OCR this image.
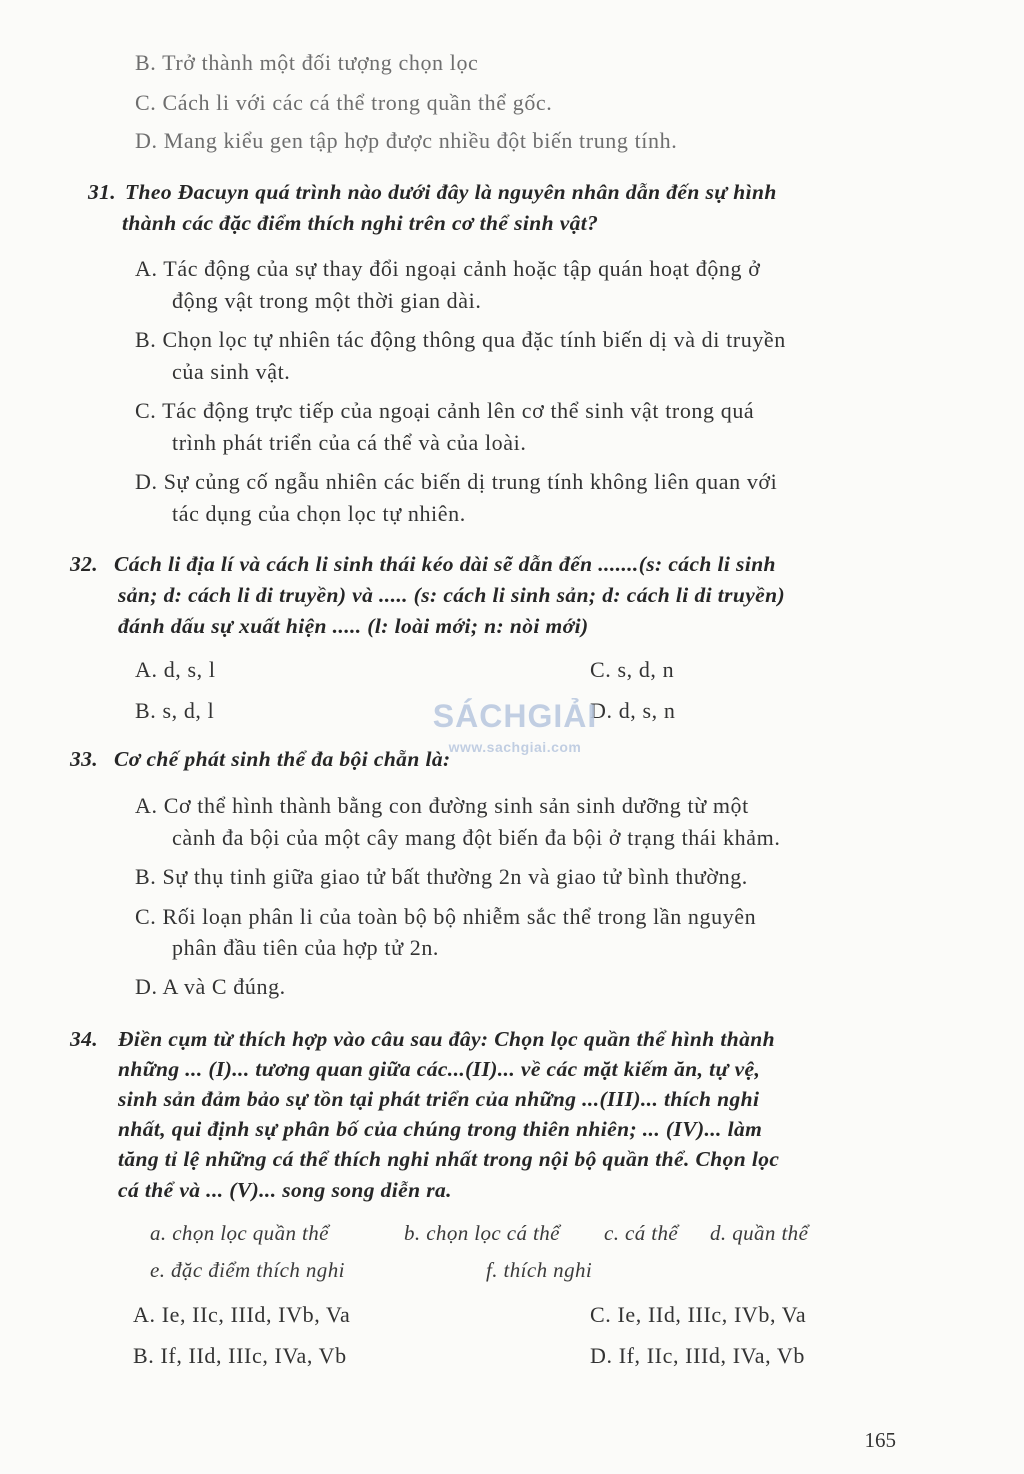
B. Trở thành một đối tượng chọn lọc
C. Cách li với các cá thể trong quần thể gốc.
D. Mang kiểu gen tập hợp được nhiều đột biến trung tính.
31. Theo Đacuyn quá trình nào dưới đây là nguyên nhân dẫn đến sự hình
thành các đặc điểm thích nghi trên cơ thể sinh vật?
A. Tác động của sự thay đổi ngoại cảnh hoặc tập quán hoạt động ở
động vật trong một thời gian dài.
B. Chọn lọc tự nhiên tác động thông qua đặc tính biến dị và di truyền
của sinh vật.
C. Tác động trực tiếp của ngoại cảnh lên cơ thể sinh vật trong quá
trình phát triển của cá thể và của loài.
D. Sự củng cố ngẫu nhiên các biến dị trung tính không liên quan với
tác dụng của chọn lọc tự nhiên.
32. Cách li địa lí và cách li sinh thái kéo dài sẽ dẫn đến .......(s: cách li sinh
sản; d: cách li di truyền) và ..... (s: cách li sinh sản; d: cách li di truyền)
đánh dấu sự xuất hiện ..... (l: loài mới; n: nòi mới)
A. d, s, l	C. s, d, n
B. s, d, l	D. d, s, n
33. Cơ chế phát sinh thể đa bội chẵn là:
A. Cơ thể hình thành bằng con đường sinh sản sinh dưỡng từ một
cành đa bội của một cây mang đột biến đa bội ở trạng thái khảm.
B. Sự thụ tinh giữa giao tử bất thường 2n và giao tử bình thường.
C. Rối loạn phân li của toàn bộ bộ nhiễm sắc thể trong lần nguyên
phân đầu tiên của hợp tử 2n.
D. A và C đúng.
34. Điền cụm từ thích hợp vào câu sau đây: Chọn lọc quần thể hình thành
những ... (I)... tương quan giữa các...(II)... về các mặt kiếm ăn, tự vệ,
sinh sản đảm bảo sự tồn tại phát triển của những ...(III)... thích nghi
nhất, qui định sự phân bố của chúng trong thiên nhiên; ... (IV)... làm
tăng tỉ lệ những cá thể thích nghi nhất trong nội bộ quần thể. Chọn lọc
cá thể và ... (V)... song song diễn ra.
a. chọn lọc quần thể	b. chọn lọc cá thể c. cá thể d. quần thể
e. đặc điểm thích nghi	f. thích nghi
A. Ie, IIc, IIId, IVb, Va	C. Ie, IId, IIIc, IVb, Va
B. If, IId, IIIc, IVa, Vb	D. If, IIc, IIId, IVa, Vb
SÁCHGIẢI
www.sachgiai.com
165
